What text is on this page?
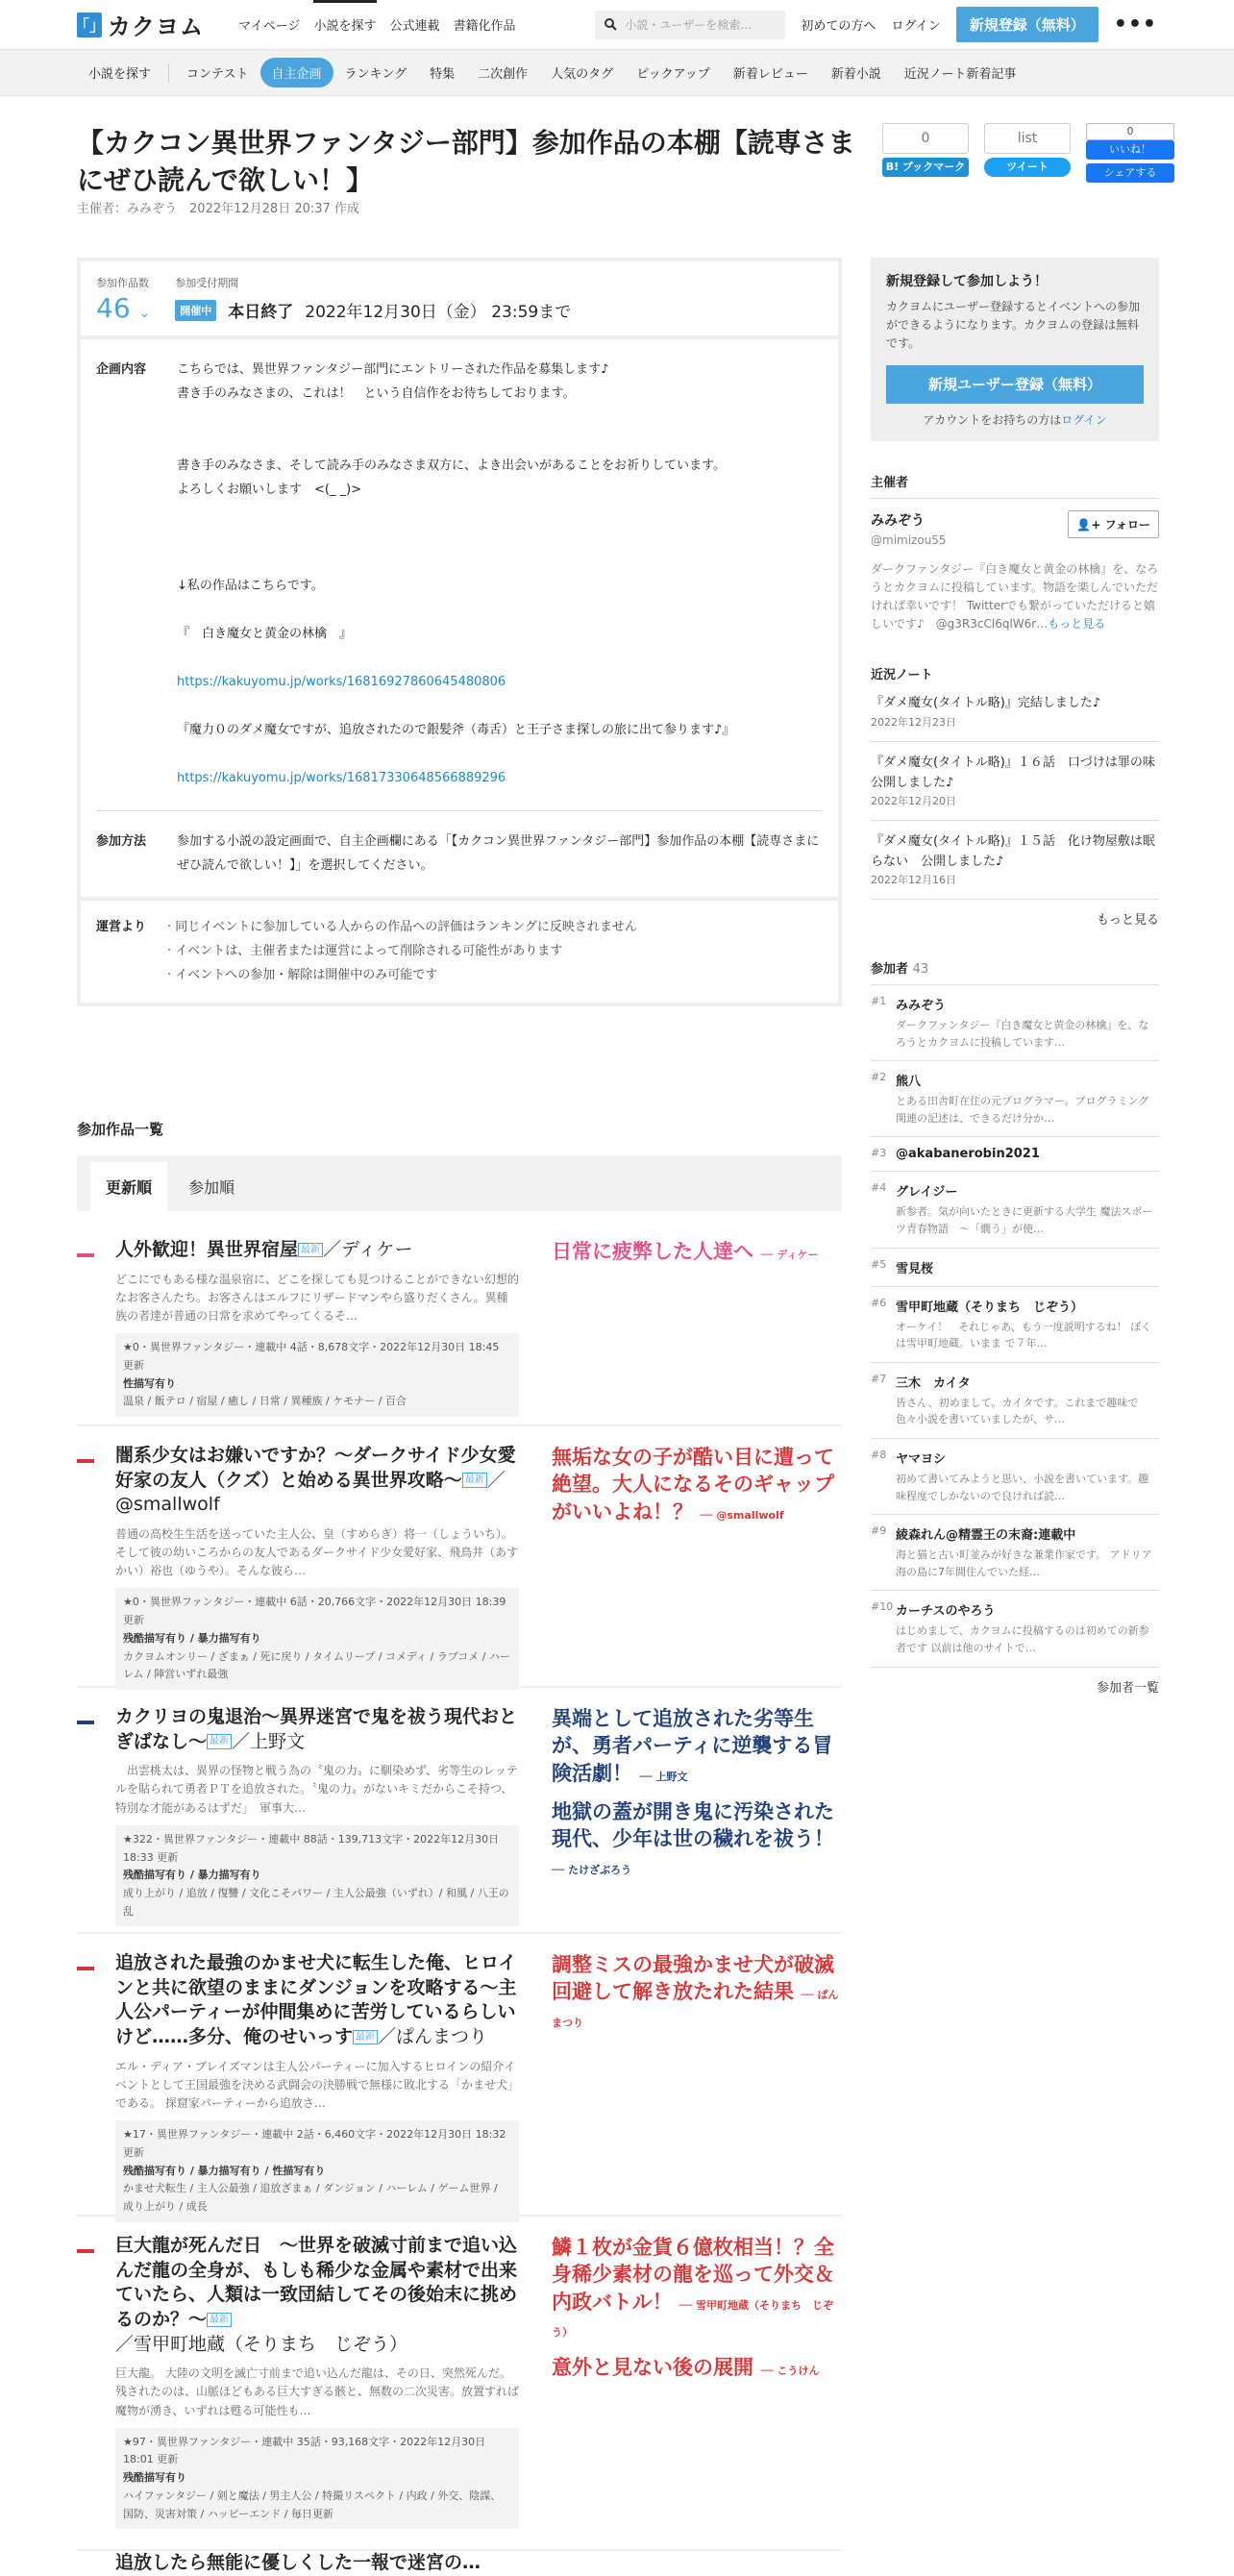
「」 カクヨム	マイページ 小説を探す 公式連載 書籍化作品	小説・ユーザーを検索…	初めての方へ ログイン	新規登録（無料）	•••
小説を探す	コンテスト	自主企画	ランキング	特集	二次創作	人気のタグ	ピックアップ	新着レビュー	新着小説	近況ノート新着記事
【カクコン異世界ファンタジー部門】参加作品の本棚【読専さまにぜひ読んで欲しい！】
主催者：みみぞう　 2022年12月28日 20:37 作成
0
B! ブックマーク
list
ツイート
0
いいね！
シェアする
参加作品数
46 ⌄
参加受付期間
開催中 本日終了 2022年12月30日（金） 23:59まで
企画内容	こちらでは、異世界ファンタジー部門にエントリーされた作品を募集します♪

書き手のみなさまの、これは！　という自信作をお待ちしております。

書き手のみなさま、そして読み手のみなさま双方に、よき出会いがあることをお祈りしています。

よろしくお願いします　<(_ _)>

↓私の作品はこちらです。

『　白き魔女と黄金の林檎　』

https://kakuyomu.jp/works/16816927860645480806

『魔力０のダメ魔女ですが、追放されたので銀髪斧（毒舌）と王子さま探しの旅に出て参ります♪』

https://kakuyomu.jp/works/16817330648566889296

参加方法	参加する小説の設定画面で、自主企画欄にある「【カクコン異世界ファンタジー部門】参加作品の本棚【読専さまにぜひ読んで欲しい！】」を選択してください。
運営より	· 同じイベントに参加している人からの作品への評価はランキングに反映されません
· イベントは、主催者または運営によって削除される可能性があります
· イベントへの参加・解除は開催中のみ可能です
参加作品一覧
更新順	参加順
人外歓迎！異世界宿屋 最新 ／ディケー
どこにでもある様な温泉宿に、どこを探しても見つけることができない幻想的なお客さんたち。お客さんはエルフにリザードマンやら盛りだくさん。異種族の者達が普通の日常を求めてやってくるそ…
★0・異世界ファンタジー・連載中 4話・8,678文字・2022年12月30日 18:45 更新
性描写有り
温泉 / 飯テロ / 宿屋 / 癒し / 日常 / 異種族 / ケモナー / 百合
日常に疲弊した人達へ ── ディケー
闇系少女はお嫌いですか？～ダークサイド少女愛好家の友人（クズ）と始める異世界攻略～ 最新 ／@smallwolf
普通の高校生生活を送っていた主人公、皇（すめらぎ）将一（しょういち）。そして彼の幼いころからの友人であるダークサイド少女愛好家、飛鳥井（あすかい）裕也（ゆうや）。そんな彼ら…
★0・異世界ファンタジー・連載中 6話・20,766文字・2022年12月30日 18:39 更新
残酷描写有り / 暴力描写有り
カクヨムオンリー / ざまぁ / 死に戻り / タイムリープ / コメディ / ラブコメ / ハーレム / 陣営いずれ最強
無垢な女の子が酷い目に遭って絶望。大人になるそのギャップがいいよね！？ ── @smallwolf
カクリヨの鬼退治～異界迷宮で鬼を祓う現代おとぎばなし～ 最新 ／上野文
　出雲桃太は、異界の怪物と戦う為の〝鬼の力〟に馴染めず、劣等生のレッテルを貼られて勇者ＰＴを追放された。〝鬼の力〟がないキミだからこそ持つ、特別な才能があるはずだ」　軍事大…
★322・異世界ファンタジー・連載中 88話・139,713文字・2022年12月30日 18:33 更新
残酷描写有り / 暴力描写有り
成り上がり / 追放 / 復讐 / 文化こそパワー / 主人公最強（いずれ）/ 和風 / 八王の乱
異端として追放された劣等生が、勇者パーティに逆襲する冒険活劇！ ── 上野文
地獄の蓋が開き鬼に汚染された現代、少年は世の穢れを祓う！ ── たけざぶろう
追放された最強のかませ犬に転生した俺、ヒロインと共に欲望のままにダンジョンを攻略する～主人公パーティーが仲間集めに苦労しているらしいけど……多分、俺のせいっす 最新 ／ぱんまつり
エル・ディア・ブレイズマンは主人公パーティーに加入するヒロインの紹介イベントとして王国最強を決める武闘会の決勝戦で無様に敗北する「かませ犬」である。 探窟家パーティーから追放さ…
★17・異世界ファンタジー・連載中 2話・6,460文字・2022年12月30日 18:32 更新
残酷描写有り / 暴力描写有り / 性描写有り
かませ犬転生 / 主人公最強 / 追放ざまぁ / ダンジョン / ハーレム / ゲーム世界 / 成り上がり / 成長
調整ミスの最強かませ犬が破滅回避して解き放たれた結果 ── ぱんまつり
巨大龍が死んだ日　～世界を破滅寸前まで追い込んだ龍の全身が、もしも稀少な金属や素材で出来ていたら、人類は一致団結してその後始末に挑めるのか？～ 最新／雪甲町地蔵（そりまち　じぞう）
巨大龍。 大陸の文明を滅亡寸前まで追い込んだ龍は、その日、突然死んだ。 残されたのは、山脈ほどもある巨大すぎる骸と、無数の二次災害。放置すれば魔物が湧き、いずれは甦る可能性も…
★97・異世界ファンタジー・連載中 35話・93,168文字・2022年12月30日 18:01 更新
残酷描写有り
ハイファンタジー / 剣と魔法 / 男主人公 / 特撮リスペクト / 内政 / 外交、陰謀、国防、災害対策 / ハッピーエンド / 毎日更新
鱗１枚が金貨６億枚相当！？全身稀少素材の龍を巡って外交＆内政バトル！ ── 雪甲町地蔵（そりまち　じぞう）
意外と見ない後の展開 ── こうけん
追放したら無能に優しくした一報で迷宮の…
新規登録して参加しよう！

カクヨムにユーザー登録するとイベントへの参加ができるようになります。カクヨムの登録は無料です。

新規ユーザー登録（無料）
アカウントをお持ちの方はログイン
主催者
みみぞう
@mimizou55
👤+ フォロー
ダークファンタジー『白き魔女と黄金の林檎』を、なろうとカクヨムに投稿しています。物語を楽しんでいただければ幸いです！ Twitterでも繋がっていただけると嬉しいです♪　@g3R3cCl6qlW6r…もっと見る
近況ノート
『ダメ魔女(タイトル略)』完結しました♪
2022年12月23日
『ダメ魔女(タイトル略)』１６話　口づけは罪の味　公開しました♪
2022年12月20日
『ダメ魔女(タイトル略)』１５話　化け物屋敷は眠らない　公開しました♪
2022年12月16日
もっと見る
参加者 43
#1 みみぞう
ダークファンタジー『白き魔女と黄金の林檎』を、なろうとカクヨムに投稿しています…
#2 熊八
とある田舎町在住の元プログラマー。プログラミング関連の記述は、できるだけ分か…
#3 @akabanerobin2021
#4 グレイジー
新参者。気が向いたときに更新する大学生 魔法スポーツ青春物語　～「繝う」が使…
#5 雪見桜
#6 雪甲町地蔵（そりまち　じぞう）
オーケイ！　それじゃあ、もう一度説明するね！ ぼくは雪甲町地蔵。いまま で７年…
#7 三木　カイタ
皆さん、初めまして。カイタです。これまで趣味で色々小説を書いていましたが、サ…
#8 ヤマヨシ
初めて書いてみようと思い、小説を書いています。趣味程度でしかないので良ければ読…
#9 綾森れん@精霊王の末裔:連載中
海と猫と古い町並みが好きな兼業作家です。 アドリア海の島に7年間住んでいた経…
#10 カーチスのやろう
はじめまして、カクヨムに投稿するのは初めての新参者です 以前は他のサイトで…
参加者一覧
